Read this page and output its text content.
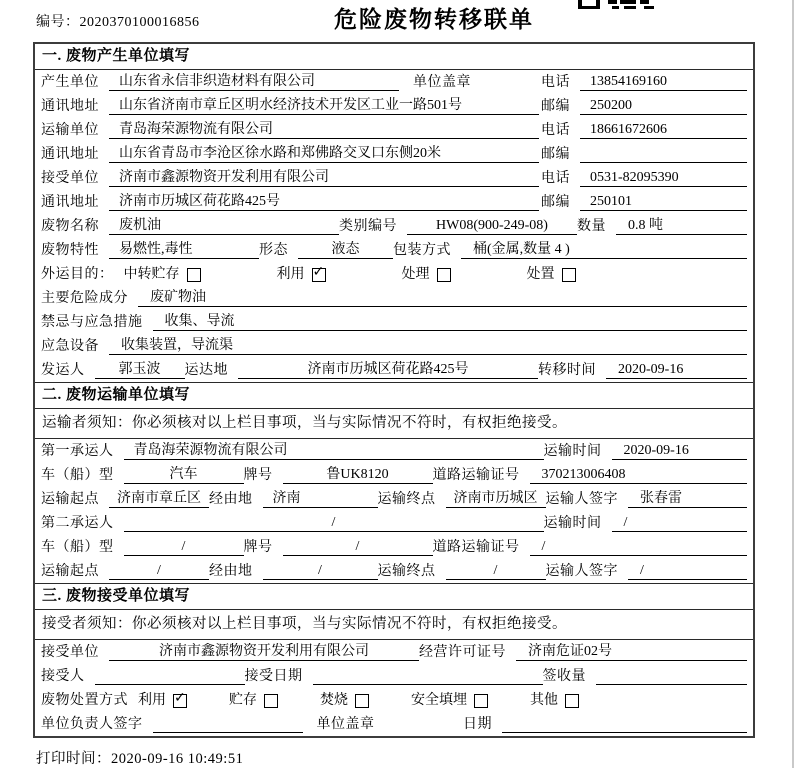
编号：2020370100016856	危险废物转移联单
一. 废物产生单位填写
产生单位	山东省永信非织造材料有限公司	单位盖章	电话	13854169160
通讯地址	山东省济南市章丘区明水经济技术开发区工业一路501号	邮编	250200
运输单位	青岛海荣源物流有限公司	电话	18661672606
通讯地址	山东省青岛市李沧区徐水路和郑佛路交叉口东侧20米	邮编
接受单位	济南市鑫源物资开发利用有限公司	电话	0531-82095390
通讯地址	济南市历城区荷花路425号	邮编	250101
废物名称	废机油	类别编号	HW08(900-249-08)	数量	0.8 吨
废物特性	易燃性,毒性	形态	液态	包装方式	桶(金属,数量 4 )
外运目的： 中转贮存	利用 ✓	处理	处置
主要危险成分	废矿物油
禁忌与应急措施	收集、导流
应急设备	收集装置，导流渠
发运人	郭玉波	运达地	济南市历城区荷花路425号	转移时间	2020-09-16
二. 废物运输单位填写
运输者须知：你必须核对以上栏目事项，当与实际情况不符时，有权拒绝接受。
第一承运人	青岛海荣源物流有限公司	运输时间	2020-09-16
车（船）型	汽车	牌号	鲁UK8120	道路运输证号	370213006408
运输起点	济南市章丘区 经由地	济南	运输终点	济南市历城区 运输人签字	张春雷
第二承运人	/	运输时间	/
车（船）型	/	牌号	/	道路运输证号	/
运输起点	/	经由地	/	运输终点	/	运输人签字	/
三. 废物接受单位填写
接受者须知：你必须核对以上栏目事项，当与实际情况不符时，有权拒绝接受。
接受单位	济南市鑫源物资开发利用有限公司	经营许可证号	济南危证02号
接受人	接受日期	签收量
废物处置方式 利用 ✓	贮存	焚烧	安全填埋	其他
单位负责人签字	单位盖章	日期
打印时间：2020-09-16 10:49:51
